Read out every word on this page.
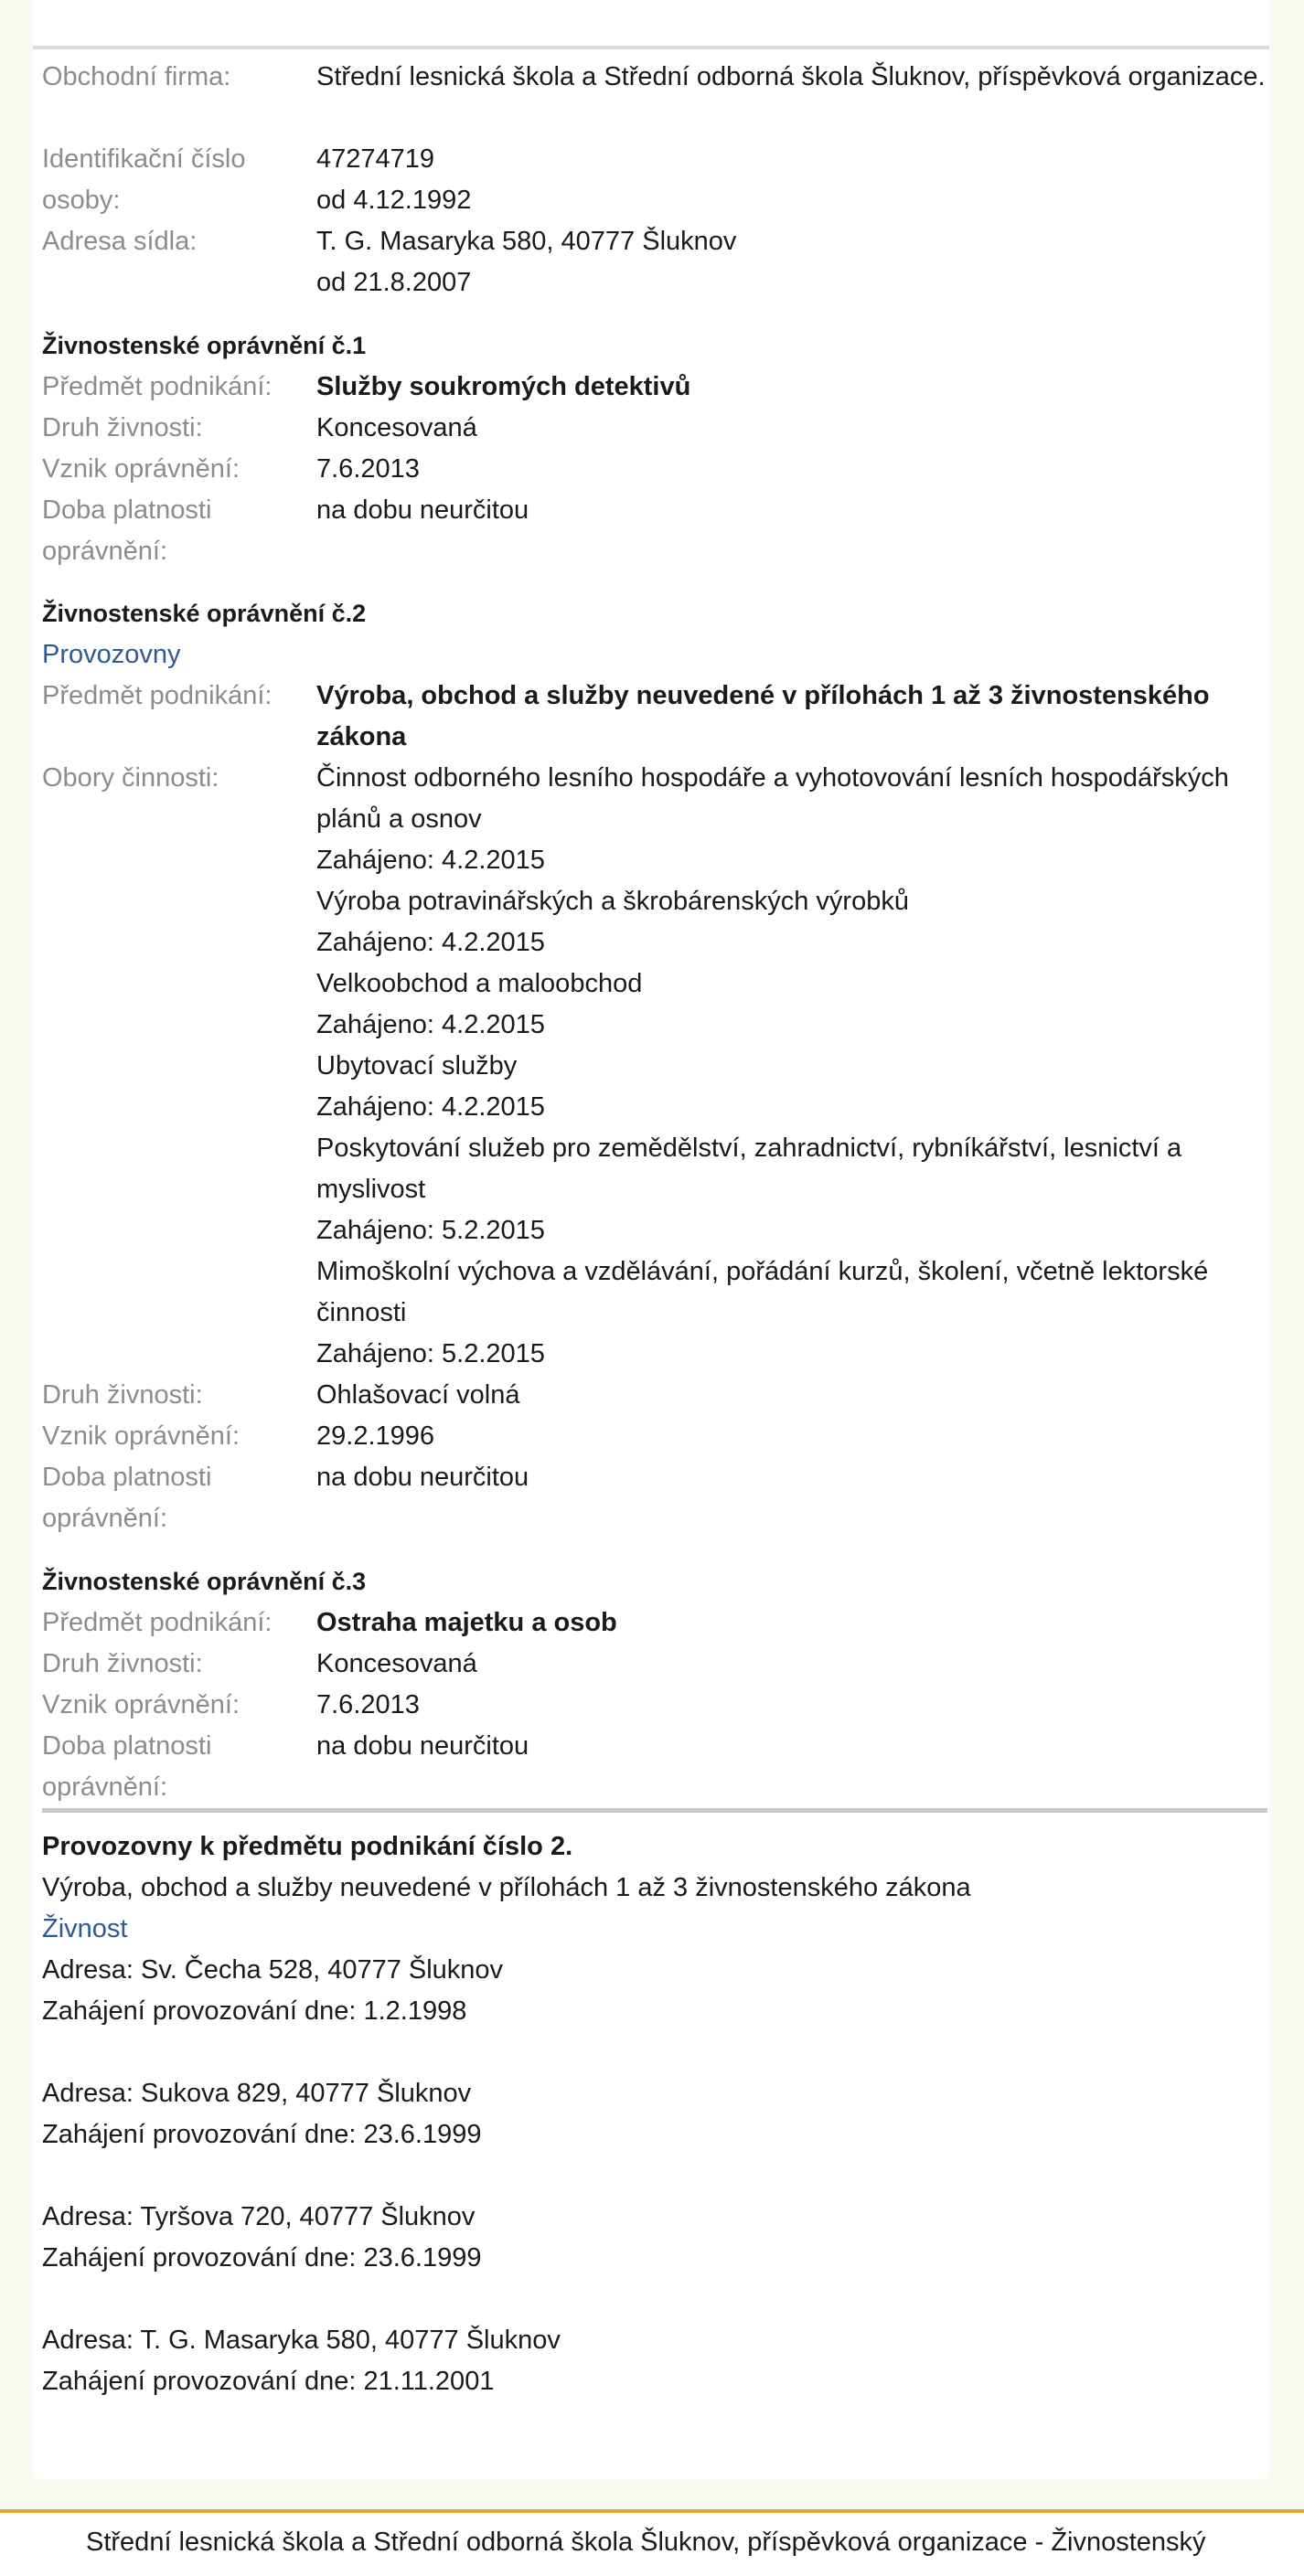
Obchodní firma:	Střední lesnická škola a Střední odborná škola Šluknov, příspěvková organizace.
Identifikační číslo osoby:
47274719
od 4.12.1992
Adresa sídla:	T. G. Masaryka 580, 40777 Šluknov
od 21.8.2007
Živnostenské oprávnění č.1
Předmět podnikání:	Služby soukromých detektivů
Druh živnosti:	Koncesovaná
Vznik oprávnění:	7.6.2013
Doba platnosti oprávnění:
na dobu neurčitou
Živnostenské oprávnění č.2
Provozovny
Předmět podnikání:	Výroba, obchod a služby neuvedené v přílohách 1 až 3 živnostenského zákona
Obory činnosti:	Činnost odborného lesního hospodáře a vyhotovování lesních hospodářských plánů a osnov
Zahájeno: 4.2.2015
Výroba potravinářských a škrobárenských výrobků
Zahájeno: 4.2.2015
Velkoobchod a maloobchod
Zahájeno: 4.2.2015
Ubytovací služby
Zahájeno: 4.2.2015
Poskytování služeb pro zemědělství, zahradnictví, rybníkářství, lesnictví a myslivost
Zahájeno: 5.2.2015
Mimoškolní výchova a vzdělávání, pořádání kurzů, školení, včetně lektorské činnosti
Zahájeno: 5.2.2015
Druh živnosti:	Ohlašovací volná
Vznik oprávnění:	29.2.1996
Doba platnosti oprávnění:
na dobu neurčitou
Živnostenské oprávnění č.3
Předmět podnikání:	Ostraha majetku a osob
Druh živnosti:	Koncesovaná
Vznik oprávnění:	7.6.2013
Doba platnosti oprávnění:
na dobu neurčitou
Provozovny k předmětu podnikání číslo 2.
Výroba, obchod a služby neuvedené v přílohách 1 až 3 živnostenského zákona
Živnost
Adresa: Sv. Čecha 528, 40777 Šluknov
Zahájení provozování dne: 1.2.1998
Adresa: Sukova 829, 40777 Šluknov
Zahájení provozování dne: 23.6.1999
Adresa: Tyršova 720, 40777 Šluknov
Zahájení provozování dne: 23.6.1999
Adresa: T. G. Masaryka 580, 40777 Šluknov
Zahájení provozování dne: 21.11.2001
Střední lesnická škola a Střední odborná škola Šluknov, příspěvková organizace - Živnostenský
